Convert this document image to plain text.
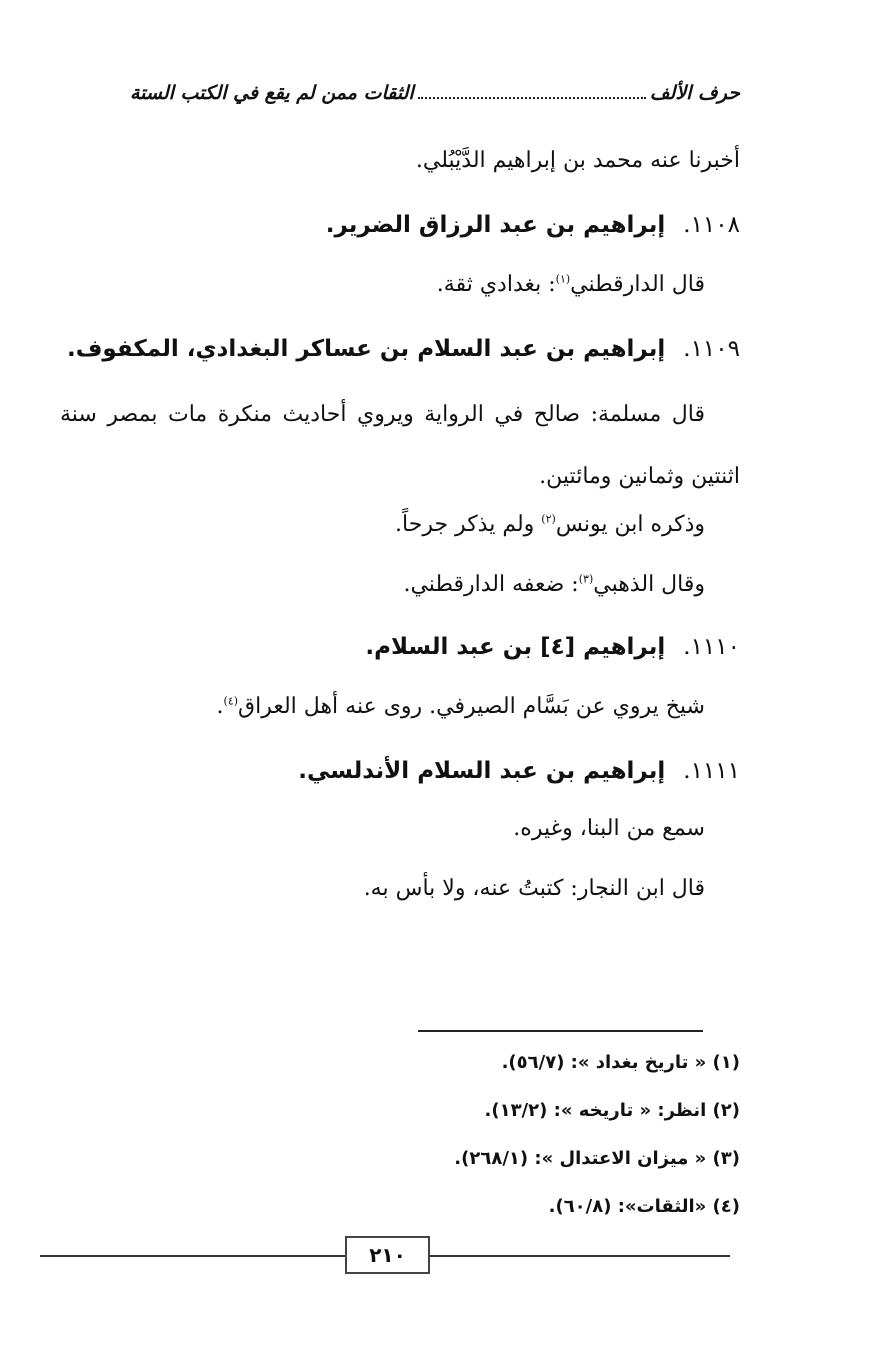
حرف الألف
الثقات ممن لم يقع في الكتب الستة
أخبرنا عنه محمد بن إبراهيم الدَّيْبُلي.
١١٠٨.إبراهيم بن عبد الرزاق الضرير.
قال الدارقطني$^{(١)}$: بغدادي ثقة.
١١٠٩.إبراهيم بن عبد السلام بن عساكر البغدادي، المكفوف.
قال مسلمة: صالح في الرواية ويروي أحاديث منكرة مات بمصر سنة اثنتين وثمانين ومائتين.
وذكره ابن يونس$^{(٢)}$ ولم يذكر جرحاً.
وقال الذهبي$^{(٣)}$: ضعفه الدارقطني.
١١١٠.إبراهيم [٤] بن عبد السلام.
شيخ يروي عن بَسَّام الصيرفي. روى عنه أهل العراق$^{(٤)}$.
١١١١.إبراهيم بن عبد السلام الأندلسي.
سمع من البنا، وغيره.
قال ابن النجار: كتبتُ عنه، ولا بأس به.
(١) « تاريخ بغداد »: (٥٦/٧).
(٢) انظر: « تاريخه »: (١٣/٢).
(٣) « ميزان الاعتدال »: (٢٦٨/١).
(٤) «الثقات»: (٦٠/٨).
٢١٠
